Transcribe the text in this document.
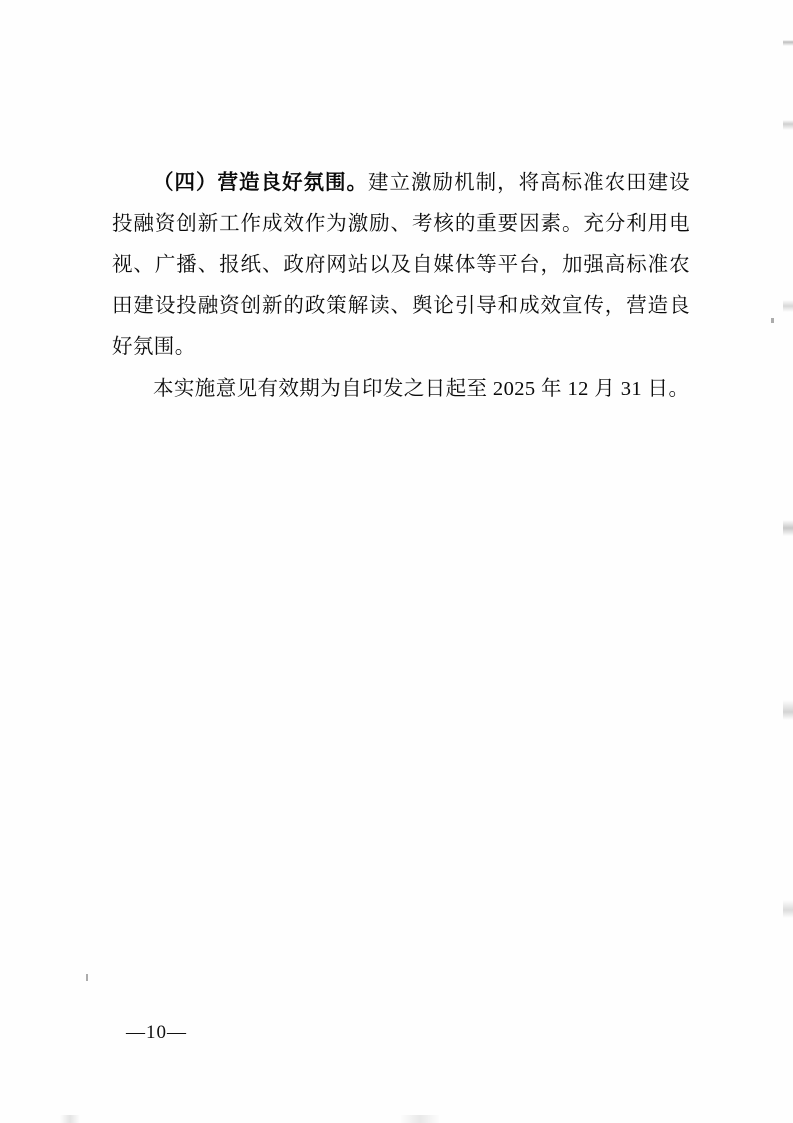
（四）营造良好氛围。建立激励机制，将高标准农田建设投融资创新工作成效作为激励、考核的重要因素。充分利用电视、广播、报纸、政府网站以及自媒体等平台，加强高标准农田建设投融资创新的政策解读、舆论引导和成效宣传，营造良好氛围。

本实施意见有效期为自印发之日起至 2025 年 12 月 31 日。

—10—
